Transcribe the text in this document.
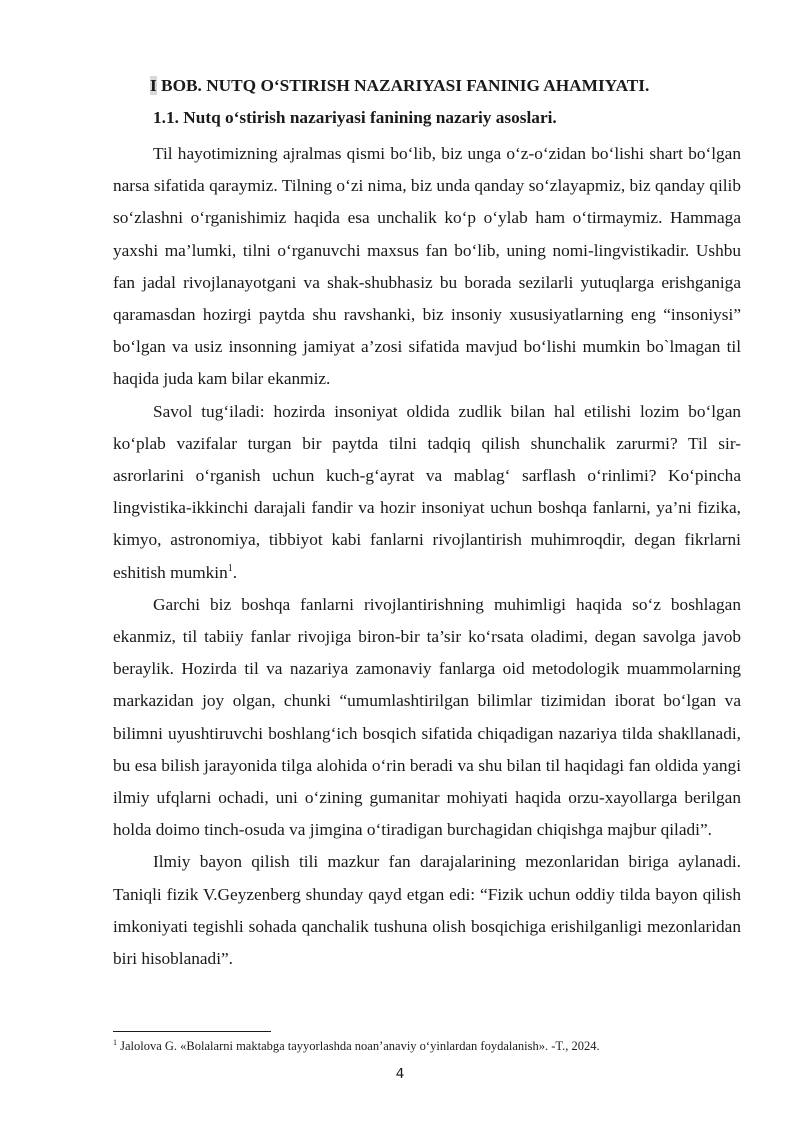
I BOB. NUTQ O‘STIRISH NAZARIYASI FANINIG AHAMIYATI.
1.1. Nutq o‘stirish nazariyasi fanining nazariy asoslari.

Til hayotimizning ajralmas qismi bo‘lib, biz unga o‘z-o‘zidan bo‘lishi shart bo‘lgan narsa sifatida qaraymiz. Tilning o‘zi nima, biz unda qanday so‘zlayapmiz, biz qanday qilib so‘zlashni o‘rganishimiz haqida esa unchalik ko‘p o‘ylab ham o‘tirmaymiz. Hammaga yaxshi ma’lumki, tilni o‘rganuvchi maxsus fan bo‘lib, uning nomi-lingvistikadir. Ushbu fan jadal rivojlanayotgani va shak-shubhasiz bu borada sezilarli yutuqlarga erishganiga qaramasdan hozirgi paytda shu ravshanki, biz insoniy xususiyatlarning eng “insoniysi” bo‘lgan va usiz insonning jamiyat a’zosi sifatida mavjud bo‘lishi mumkin bo`lmagan til haqida juda kam bilar ekanmiz.

Savol tug‘iladi: hozirda insoniyat oldida zudlik bilan hal etilishi lozim bo‘lgan ko‘plab vazifalar turgan bir paytda tilni tadqiq qilish shunchalik zarurmi? Til sir-asrorlarini o‘rganish uchun kuch-g‘ayrat va mablag‘ sarflash o‘rinlimi? Ko‘pincha lingvistika-ikkinchi darajali fandir va hozir insoniyat uchun boshqa fanlarni, ya’ni fizika, kimyo, astronomiya, tibbiyot kabi fanlarni rivojlantirish muhimroqdir, degan fikrlarni eshitish mumkin$^1$.

Garchi biz boshqa fanlarni rivojlantirishning muhimligi haqida so‘z boshlagan ekanmiz, til tabiiy fanlar rivojiga biron-bir ta’sir ko‘rsata oladimi, degan savolga javob beraylik. Hozirda til va nazariya zamonaviy fanlarga oid metodologik muammolarning markazidan joy olgan, chunki “umumlashtirilgan bilimlar tizimidan iborat bo‘lgan va bilimni uyushtiruvchi boshlang‘ich bosqich sifatida chiqadigan nazariya tilda shakllanadi, bu esa bilish jarayonida tilga alohida o‘rin beradi va shu bilan til haqidagi fan oldida yangi ilmiy ufqlarni ochadi, uni o‘zining gumanitar mohiyati haqida orzu-xayollarga berilgan holda doimo tinch-osuda va jimgina o‘tiradigan burchagidan chiqishga majbur qiladi”.

Ilmiy bayon qilish tili mazkur fan darajalarining mezonlaridan biriga aylanadi. Taniqli fizik V.Geyzenberg shunday qayd etgan edi: “Fizik uchun oddiy tilda bayon qilish imkoniyati tegishli sohada qanchalik tushuna olish bosqichiga erishilganligi mezonlaridan biri hisoblanadi”.

$^1$ Jalolova G. «Bolalarni maktabga tayyorlashda noan’anaviy o‘yinlardan foydalanish». -T., 2024.
4
